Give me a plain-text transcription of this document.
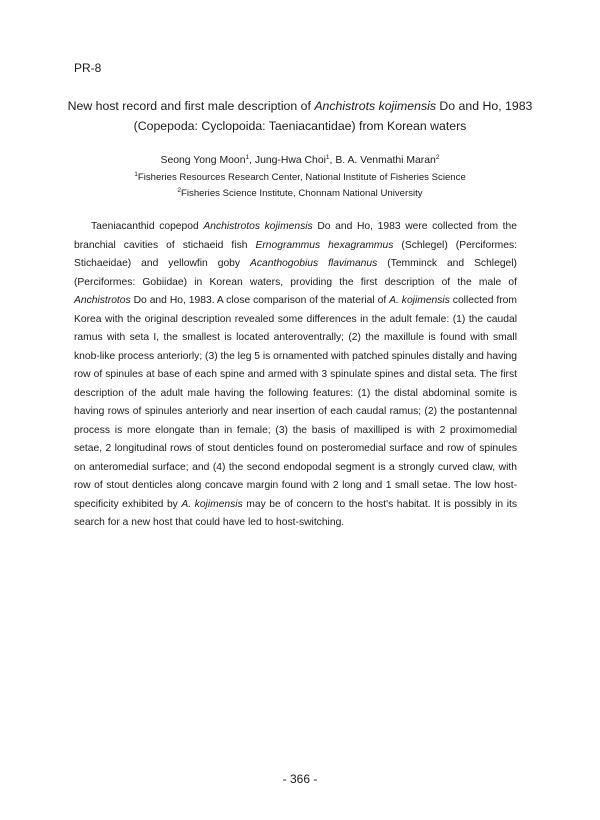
PR-8
New host record and first male description of Anchistrots kojimensis Do and Ho, 1983 (Copepoda: Cyclopoida: Taeniacantidae) from Korean waters
Seong Yong Moon$^1$, Jung-Hwa Choi$^1$, B. A. Venmathi Maran$^2$
$^1$Fisheries Resources Research Center, National Institute of Fisheries Science
$^2$Fisheries Science Institute, Chonnam National University

Taeniacanthid copepod Anchistrotos kojimensis Do and Ho, 1983 were collected from the branchial cavities of stichaeid fish Ernogrammus hexagrammus (Schlegel) (Perciformes: Stichaeidae) and yellowfin goby Acanthogobius flavimanus (Temminck and Schlegel) (Perciformes: Gobiidae) in Korean waters, providing the first description of the male of Anchistrotos Do and Ho, 1983. A close comparison of the material of A. kojimensis collected from Korea with the original description revealed some differences in the adult female: (1) the caudal ramus with seta I, the smallest is located anteroventrally; (2) the maxillule is found with small knob-like process anteriorly; (3) the leg 5 is ornamented with patched spinules distally and having row of spinules at base of each spine and armed with 3 spinulate spines and distal seta. The first description of the adult male having the following features: (1) the distal abdominal somite is having rows of spinules anteriorly and near insertion of each caudal ramus; (2) the postantennal process is more elongate than in female; (3) the basis of maxilliped is with 2 proximomedial setae, 2 longitudinal rows of stout denticles found on posteromedial surface and row of spinules on anteromedial surface; and (4) the second endopodal segment is a strongly curved claw, with row of stout denticles along concave margin found with 2 long and 1 small setae. The low host-specificity exhibited by A. kojimensis may be of concern to the host's habitat. It is possibly in its search for a new host that could have led to host-switching.

- 366 -
